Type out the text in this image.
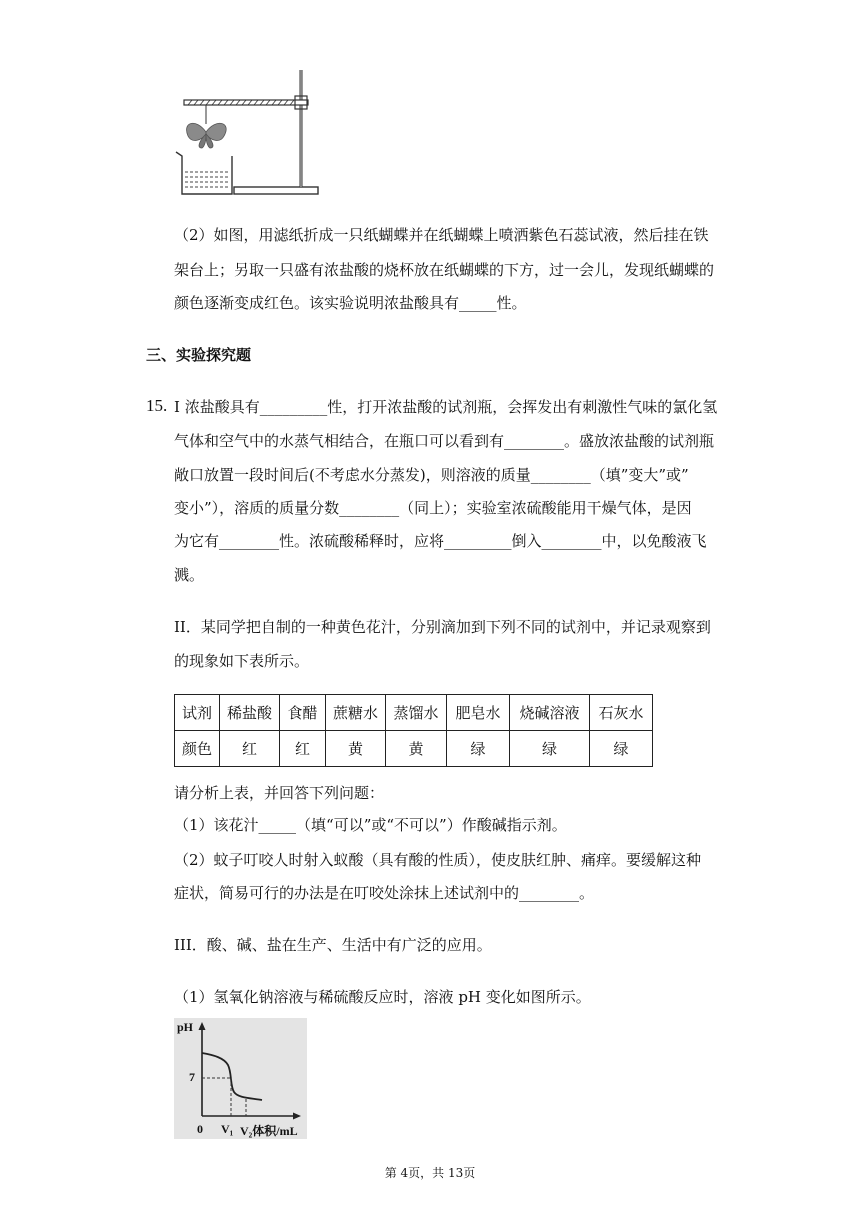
（2）如图，用滤纸折成一只纸蝴蝶并在纸蝴蝶上喷洒紫色石蕊试液，然后挂在铁
架台上；另取一只盛有浓盐酸的烧杯放在纸蝴蝶的下方，过一会儿，发现纸蝴蝶的
颜色逐渐变成红色。该实验说明浓盐酸具有_____性。
三、实验探究题
15. I 浓盐酸具有_________性，打开浓盐酸的试剂瓶，会挥发出有刺激性气味的氯化氢
气体和空气中的水蒸气相结合，在瓶口可以看到有________。盛放浓盐酸的试剂瓶
敞口放置一段时间后(不考虑水分蒸发)，则溶液的质量________（填”变大”或”
变小”），溶质的质量分数________（同上）；实验室浓硫酸能用干燥气体，是因
为它有________性。浓硫酸稀释时，应将_________倒入________中，以免酸液飞
溅。
II．某同学把自制的一种黄色花汁，分别滴加到下列不同的试剂中，并记录观察到
的现象如下表所示。
试剂	稀盐酸	食醋	蔗糖水	蒸馏水	肥皂水	烧碱溶液	石灰水
颜色	红	红	黄	黄	绿	绿	绿
请分析上表，并回答下列问题：
（1）该花汁_____（填“可以”或“不可以”）作酸碱指示剂。
（2）蚊子叮咬人时射入蚁酸（具有酸的性质），使皮肤红肿、痛痒。要缓解这种
症状，简易可行的办法是在叮咬处涂抹上述试剂中的________。
III．酸、碱、盐在生产、生活中有广泛的应用。
（1）氢氧化钠溶液与稀硫酸反应时，溶液 pH 变化如图所示。
pH
7
0 V₁ V₂体积/mL
第 4页，共 13页
